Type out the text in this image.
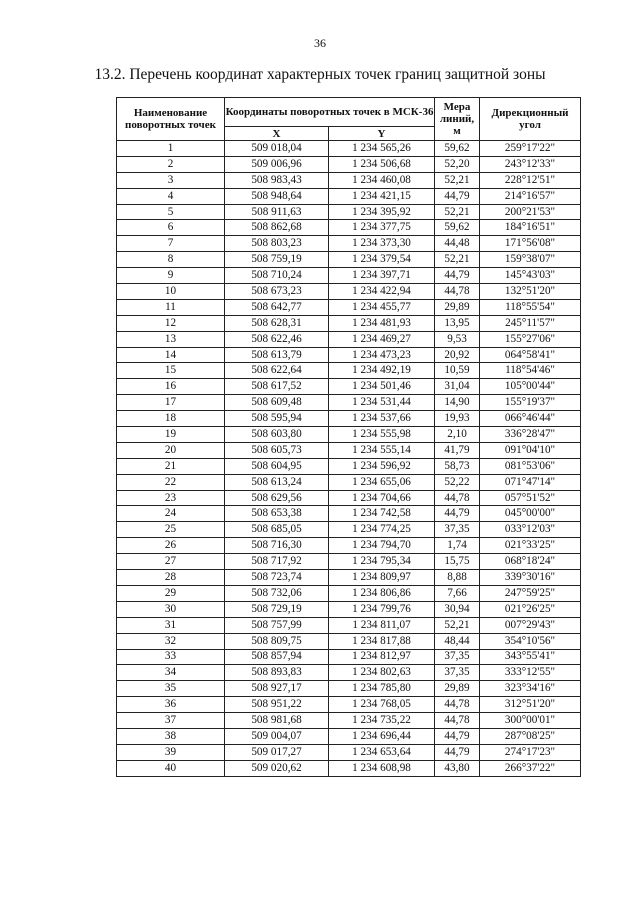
36
13.2. Перечень координат характерных точек границ защитной зоны
Наименование поворотных точек	Координаты поворотных точек в МСК-36		Мера линий, м	Дирекционный угол
	X	Y		
1	509 018,04	1 234 565,26	59,62	259°17'22"
2	509 006,96	1 234 506,68	52,20	243°12'33"
3	508 983,43	1 234 460,08	52,21	228°12'51"
4	508 948,64	1 234 421,15	44,79	214°16'57"
5	508 911,63	1 234 395,92	52,21	200°21'53"
6	508 862,68	1 234 377,75	59,62	184°16'51"
7	508 803,23	1 234 373,30	44,48	171°56'08"
8	508 759,19	1 234 379,54	52,21	159°38'07"
9	508 710,24	1 234 397,71	44,79	145°43'03"
10	508 673,23	1 234 422,94	44,78	132°51'20"
11	508 642,77	1 234 455,77	29,89	118°55'54"
12	508 628,31	1 234 481,93	13,95	245°11'57"
13	508 622,46	1 234 469,27	9,53	155°27'06"
14	508 613,79	1 234 473,23	20,92	064°58'41"
15	508 622,64	1 234 492,19	10,59	118°54'46"
16	508 617,52	1 234 501,46	31,04	105°00'44"
17	508 609,48	1 234 531,44	14,90	155°19'37"
18	508 595,94	1 234 537,66	19,93	066°46'44"
19	508 603,80	1 234 555,98	2,10	336°28'47"
20	508 605,73	1 234 555,14	41,79	091°04'10"
21	508 604,95	1 234 596,92	58,73	081°53'06"
22	508 613,24	1 234 655,06	52,22	071°47'14"
23	508 629,56	1 234 704,66	44,78	057°51'52"
24	508 653,38	1 234 742,58	44,79	045°00'00"
25	508 685,05	1 234 774,25	37,35	033°12'03"
26	508 716,30	1 234 794,70	1,74	021°33'25"
27	508 717,92	1 234 795,34	15,75	068°18'24"
28	508 723,74	1 234 809,97	8,88	339°30'16"
29	508 732,06	1 234 806,86	7,66	247°59'25"
30	508 729,19	1 234 799,76	30,94	021°26'25"
31	508 757,99	1 234 811,07	52,21	007°29'43"
32	508 809,75	1 234 817,88	48,44	354°10'56"
33	508 857,94	1 234 812,97	37,35	343°55'41"
34	508 893,83	1 234 802,63	37,35	333°12'55"
35	508 927,17	1 234 785,80	29,89	323°34'16"
36	508 951,22	1 234 768,05	44,78	312°51'20"
37	508 981,68	1 234 735,22	44,78	300°00'01"
38	509 004,07	1 234 696,44	44,79	287°08'25"
39	509 017,27	1 234 653,64	44,79	274°17'23"
40	509 020,62	1 234 608,98	43,80	266°37'22"
